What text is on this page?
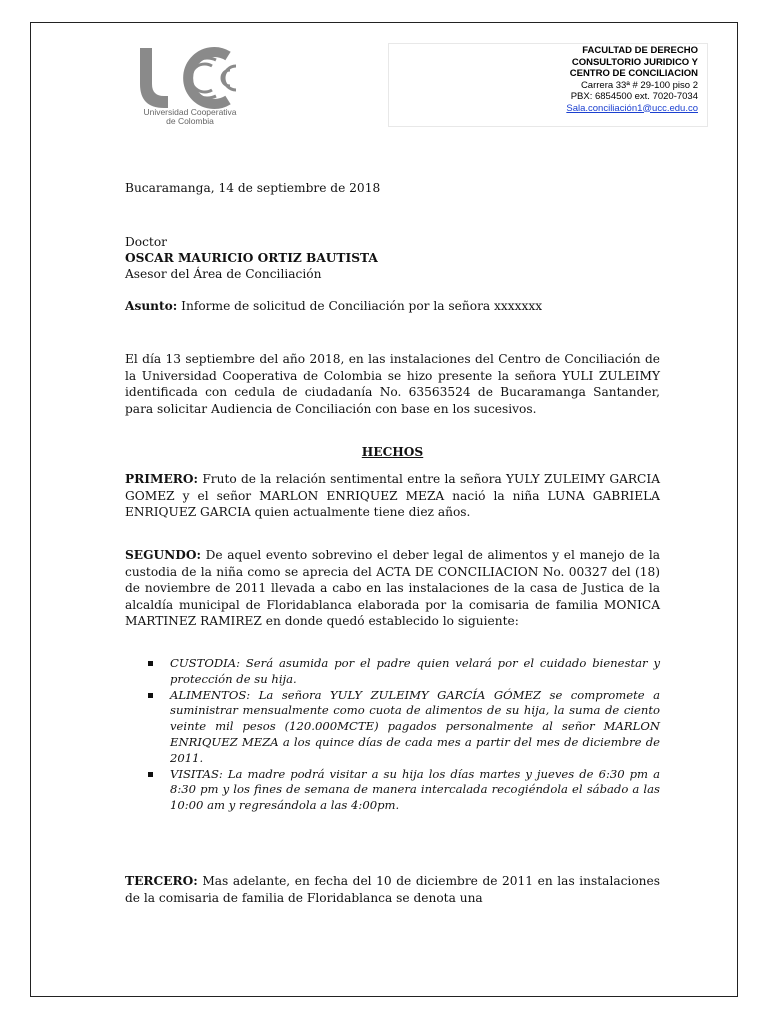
Universidad Cooperativa
de Colombia
FACULTAD DE DERECHO
CONSULTORIO JURIDICO Y
CENTRO DE CONCILIACION
Carrera 33ª # 29-100 piso 2
PBX: 6854500 ext. 7020-7034
Sala.conciliación1@ucc.edu.co
Bucaramanga, 14 de septiembre de 2018
Doctor
OSCAR MAURICIO ORTIZ BAUTISTA
Asesor del Área de Conciliación
Asunto: Informe de solicitud de Conciliación por la señora xxxxxxx
El día 13 septiembre del año 2018, en las instalaciones del Centro de Conciliación de la Universidad Cooperativa de Colombia se hizo presente la señora YULI ZULEIMY identificada con cedula de ciudadanía No. 63563524 de Bucaramanga Santander, para solicitar Audiencia de Conciliación con base en los sucesivos.
HECHOS
PRIMERO: Fruto de la relación sentimental entre la señora YULY ZULEIMY GARCIA GOMEZ y el señor MARLON ENRIQUEZ MEZA nació la niña LUNA GABRIELA ENRIQUEZ GARCIA quien actualmente tiene diez años.
SEGUNDO: De aquel evento sobrevino el deber legal de alimentos y el manejo de la custodia de la niña como se aprecia del ACTA DE CONCILIACION No. 00327 del (18) de noviembre de 2011 llevada a cabo en las instalaciones de la casa de Justica de la alcaldía municipal de Floridablanca elaborada por la comisaria de familia MONICA MARTINEZ RAMIREZ en donde quedó establecido lo siguiente:
CUSTODIA: Será asumida por el padre quien velará por el cuidado bienestar y protección de su hija.
ALIMENTOS: La señora YULY ZULEIMY GARCÍA GÓMEZ se compromete a suministrar mensualmente como cuota de alimentos de su hija, la suma de ciento veinte mil pesos (120.000MCTE) pagados personalmente al señor MARLON ENRIQUEZ MEZA a los quince días de cada mes a partir del mes de diciembre de 2011.
VISITAS: La madre podrá visitar a su hija los días martes y jueves de 6:30 pm a 8:30 pm y los fines de semana de manera intercalada recogiéndola el sábado a las 10:00 am y regresándola a las 4:00pm.
TERCERO: Mas adelante, en fecha del 10 de diciembre de 2011 en las instalaciones de la comisaria de familia de Floridablanca se denota una
